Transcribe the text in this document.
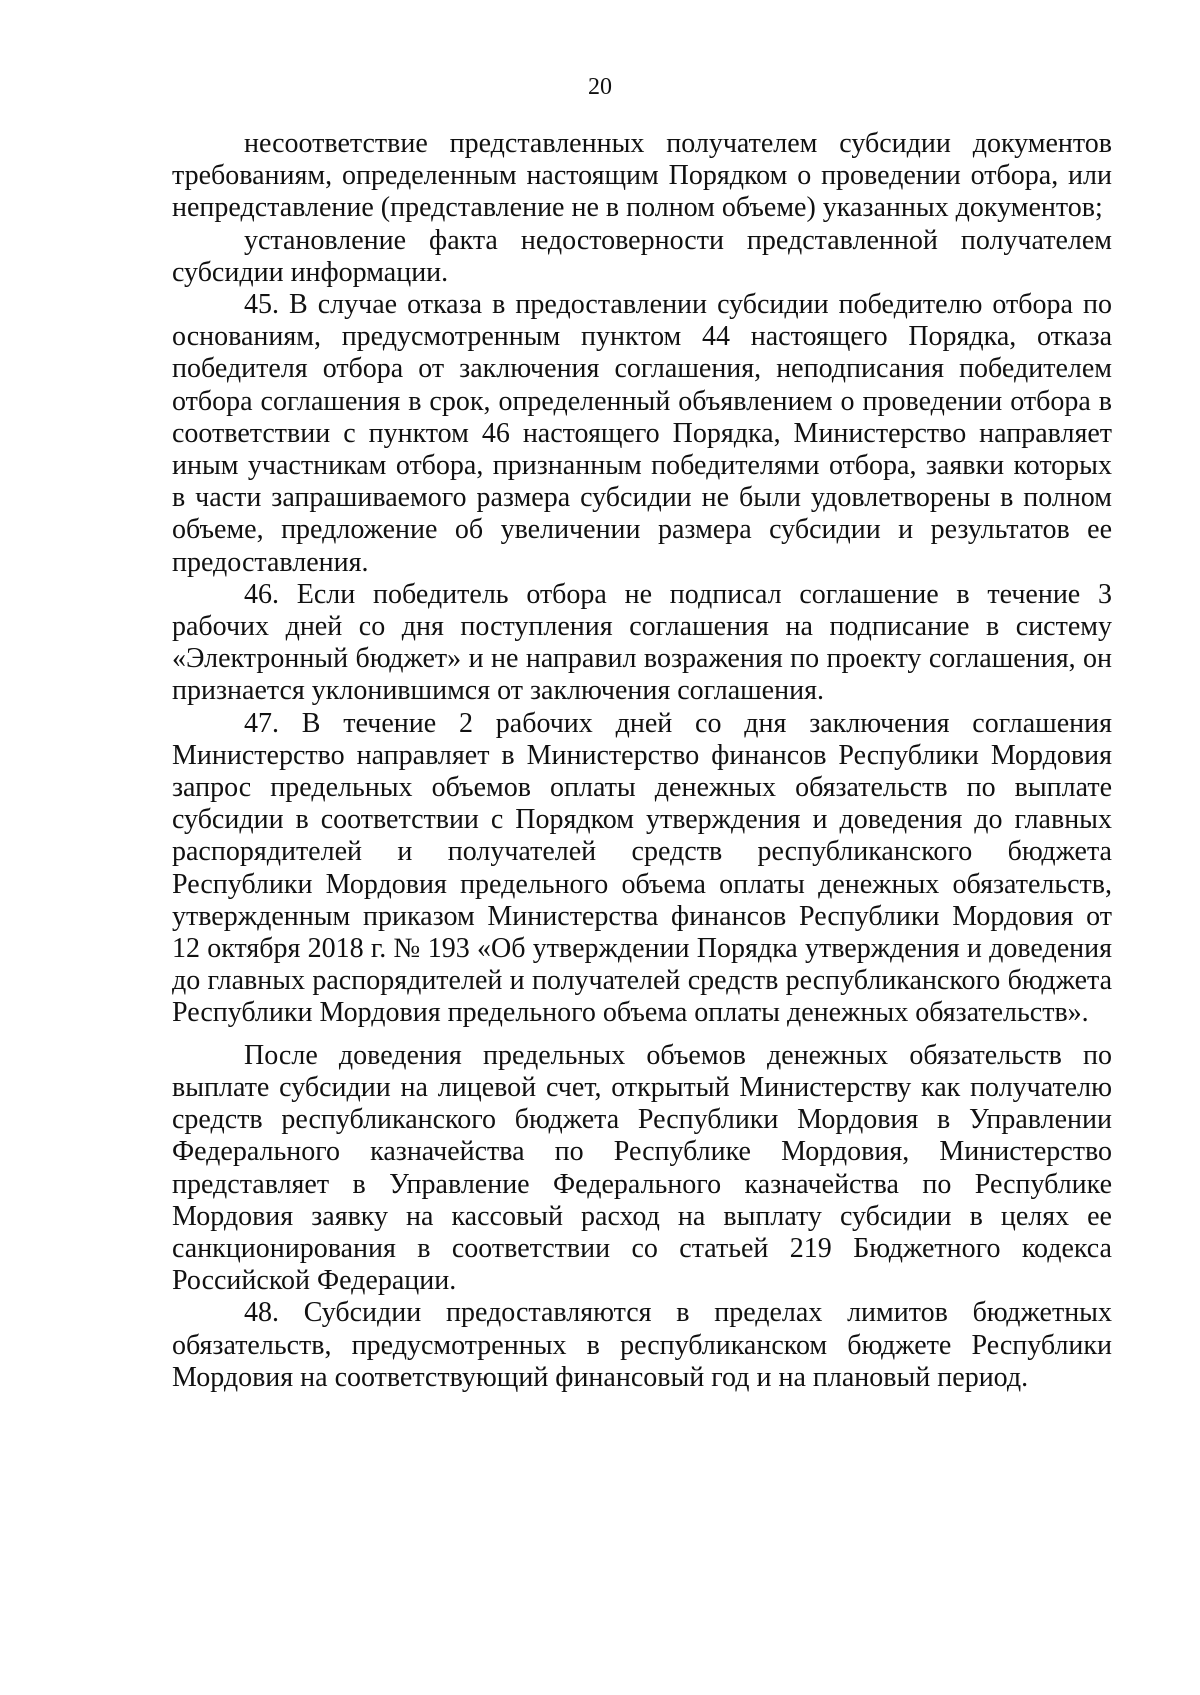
20

несоответствие представленных получателем субсидии документов требованиям, определенным настоящим Порядком о проведении отбора, или непредставление (представление не в полном объеме) указанных документов;

установление факта недостоверности представленной получателем субсидии информации.

45. В случае отказа в предоставлении субсидии победителю отбора по основаниям, предусмотренным пунктом 44 настоящего Порядка, отказа победителя отбора от заключения соглашения, неподписания победителем отбора соглашения в срок, определенный объявлением о проведении отбора в соответствии с пунктом 46 настоящего Порядка, Министерство направляет иным участникам отбора, признанным победителями отбора, заявки которых в части запрашиваемого размера субсидии не были удовлетворены в полном объеме, предложение об увеличении размера субсидии и результатов ее предоставления.

46. Если победитель отбора не подписал соглашение в течение 3 рабочих дней со дня поступления соглашения на подписание в систему «Электронный бюджет» и не направил возражения по проекту соглашения, он признается уклонившимся от заключения соглашения.

47. В течение 2 рабочих дней со дня заключения соглашения Министерство направляет в Министерство финансов Республики Мордовия запрос предельных объемов оплаты денежных обязательств по выплате субсидии в соответствии с Порядком утверждения и доведения до главных распорядителей и получателей средств республиканского бюджета Республики Мордовия предельного объема оплаты денежных обязательств, утвержденным приказом Министерства финансов Республики Мордовия от 12 октября 2018 г. № 193 «Об утверждении Порядка утверждения и доведения до главных распорядителей и получателей средств республиканского бюджета Республики Мордовия предельного объема оплаты денежных обязательств».

После доведения предельных объемов денежных обязательств по выплате субсидии на лицевой счет, открытый Министерству как получателю средств республиканского бюджета Республики Мордовия в Управлении Федерального казначейства по Республике Мордовия, Министерство представляет в Управление Федерального казначейства по Республике Мордовия заявку на кассовый расход на выплату субсидии в целях ее санкционирования в соответствии со статьей 219 Бюджетного кодекса Российской Федерации.

48. Субсидии предоставляются в пределах лимитов бюджетных обязательств, предусмотренных в республиканском бюджете Республики Мордовия на соответствующий финансовый год и на плановый период.
